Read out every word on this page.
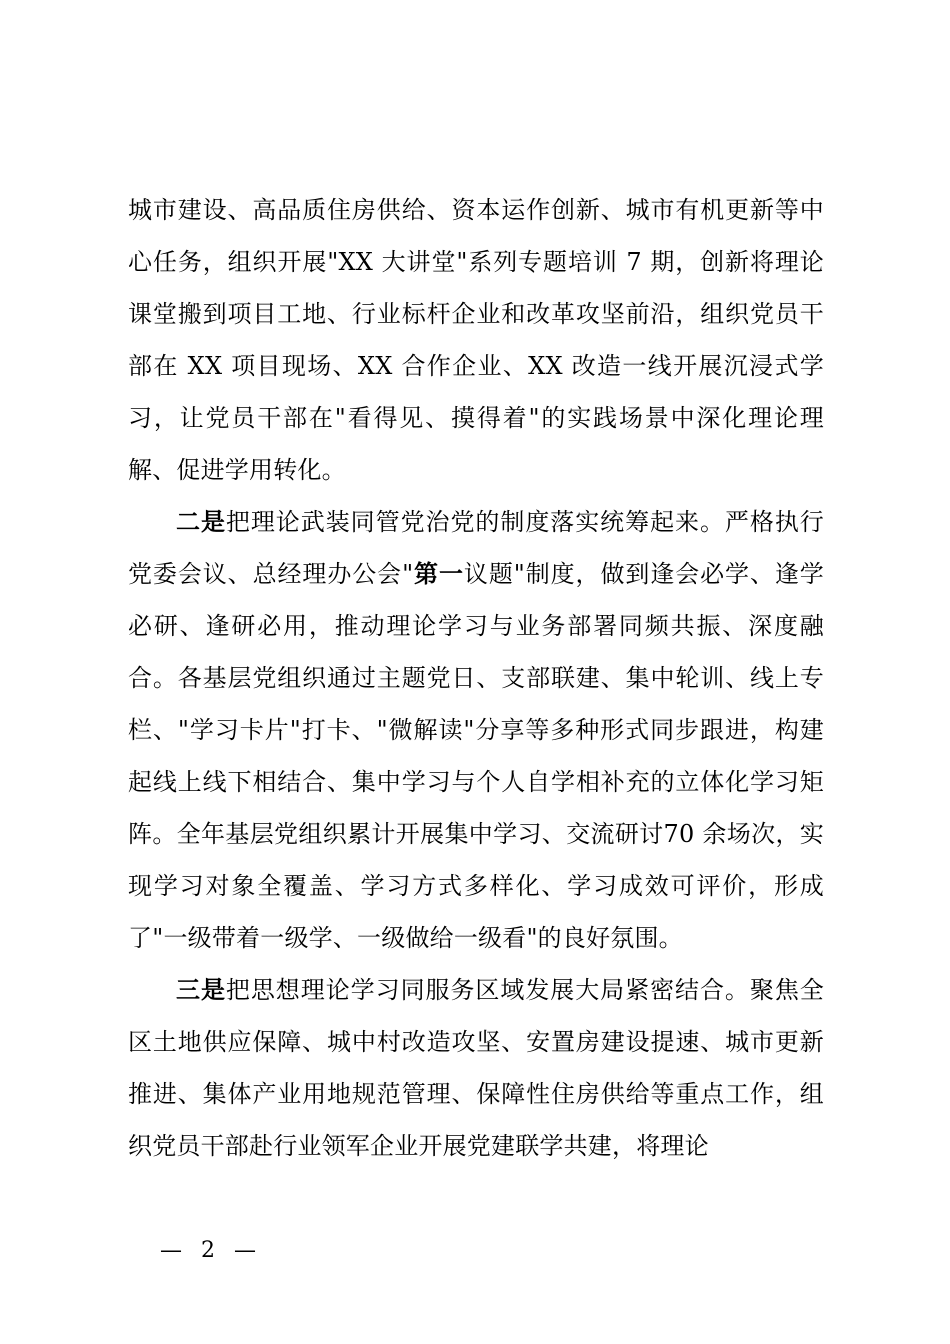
城市建设、高品质住房供给、资本运作创新、城市有机更新等中心任务，组织开展"XX 大讲堂"系列专题培训 7 期，创新将理论课堂搬到项目工地、行业标杆企业和改革攻坚前沿，组织党员干部在 XX 项目现场、XX 合作企业、XX 改造一线开展沉浸式学习，让党员干部在"看得见、摸得着"的实践场景中深化理论理解、促进学用转化。

二是把理论武装同管党治党的制度落实统筹起来。严格执行党委会议、总经理办公会"第一议题"制度，做到逢会必学、逢学必研、逢研必用，推动理论学习与业务部署同频共振、深度融合。各基层党组织通过主题党日、支部联建、集中轮训、线上专栏、"学习卡片"打卡、"微解读"分享等多种形式同步跟进，构建起线上线下相结合、集中学习与个人自学相补充的立体化学习矩阵。全年基层党组织累计开展集中学习、交流研讨70 余场次，实现学习对象全覆盖、学习方式多样化、学习成效可评价，形成了"一级带着一级学、一级做给一级看"的良好氛围。

三是把思想理论学习同服务区域发展大局紧密结合。聚焦全区土地供应保障、城中村改造攻坚、安置房建设提速、城市更新推进、集体产业用地规范管理、保障性住房供给等重点工作，组织党员干部赴行业领军企业开展党建联学共建，将理论

— 2 —
